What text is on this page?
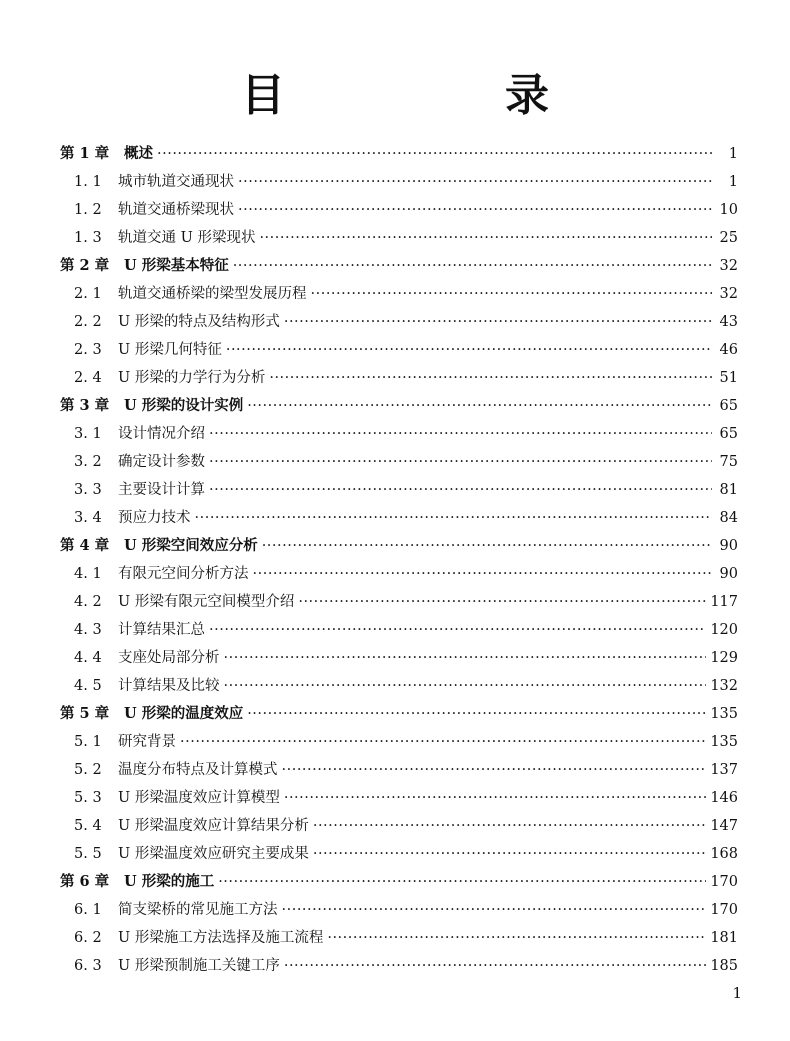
目　录
第 1 章	概述 ·····	1
1. 1	城市轨道交通现状 ·····	1
1. 2	轨道交通桥梁现状 ·····	10
1. 3	轨道交通 U 形梁现状 ·····	25
第 2 章	U 形梁基本特征 ·····	32
2. 1	轨道交通桥梁的梁型发展历程 ·····	32
2. 2	U 形梁的特点及结构形式 ·····	43
2. 3	U 形梁几何特征 ·····	46
2. 4	U 形梁的力学行为分析 ·····	51
第 3 章	U 形梁的设计实例 ·····	65
3. 1	设计情况介绍 ·····	65
3. 2	确定设计参数 ·····	75
3. 3	主要设计计算 ·····	81
3. 4	预应力技术 ·····	84
第 4 章	U 形梁空间效应分析 ·····	90
4. 1	有限元空间分析方法 ·····	90
4. 2	U 形梁有限元空间模型介绍 ·····	117
4. 3	计算结果汇总 ·····	120
4. 4	支座处局部分析 ·····	129
4. 5	计算结果及比较 ·····	132
第 5 章	U 形梁的温度效应 ·····	135
5. 1	研究背景 ·····	135
5. 2	温度分布特点及计算模式 ·····	137
5. 3	U 形梁温度效应计算模型 ·····	146
5. 4	U 形梁温度效应计算结果分析 ·····	147
5. 5	U 形梁温度效应研究主要成果 ·····	168
第 6 章	U 形梁的施工 ·····	170
6. 1	简支梁桥的常见施工方法 ·····	170
6. 2	U 形梁施工方法选择及施工流程 ·····	181
6. 3	U 形梁预制施工关键工序 ·····	185
1
